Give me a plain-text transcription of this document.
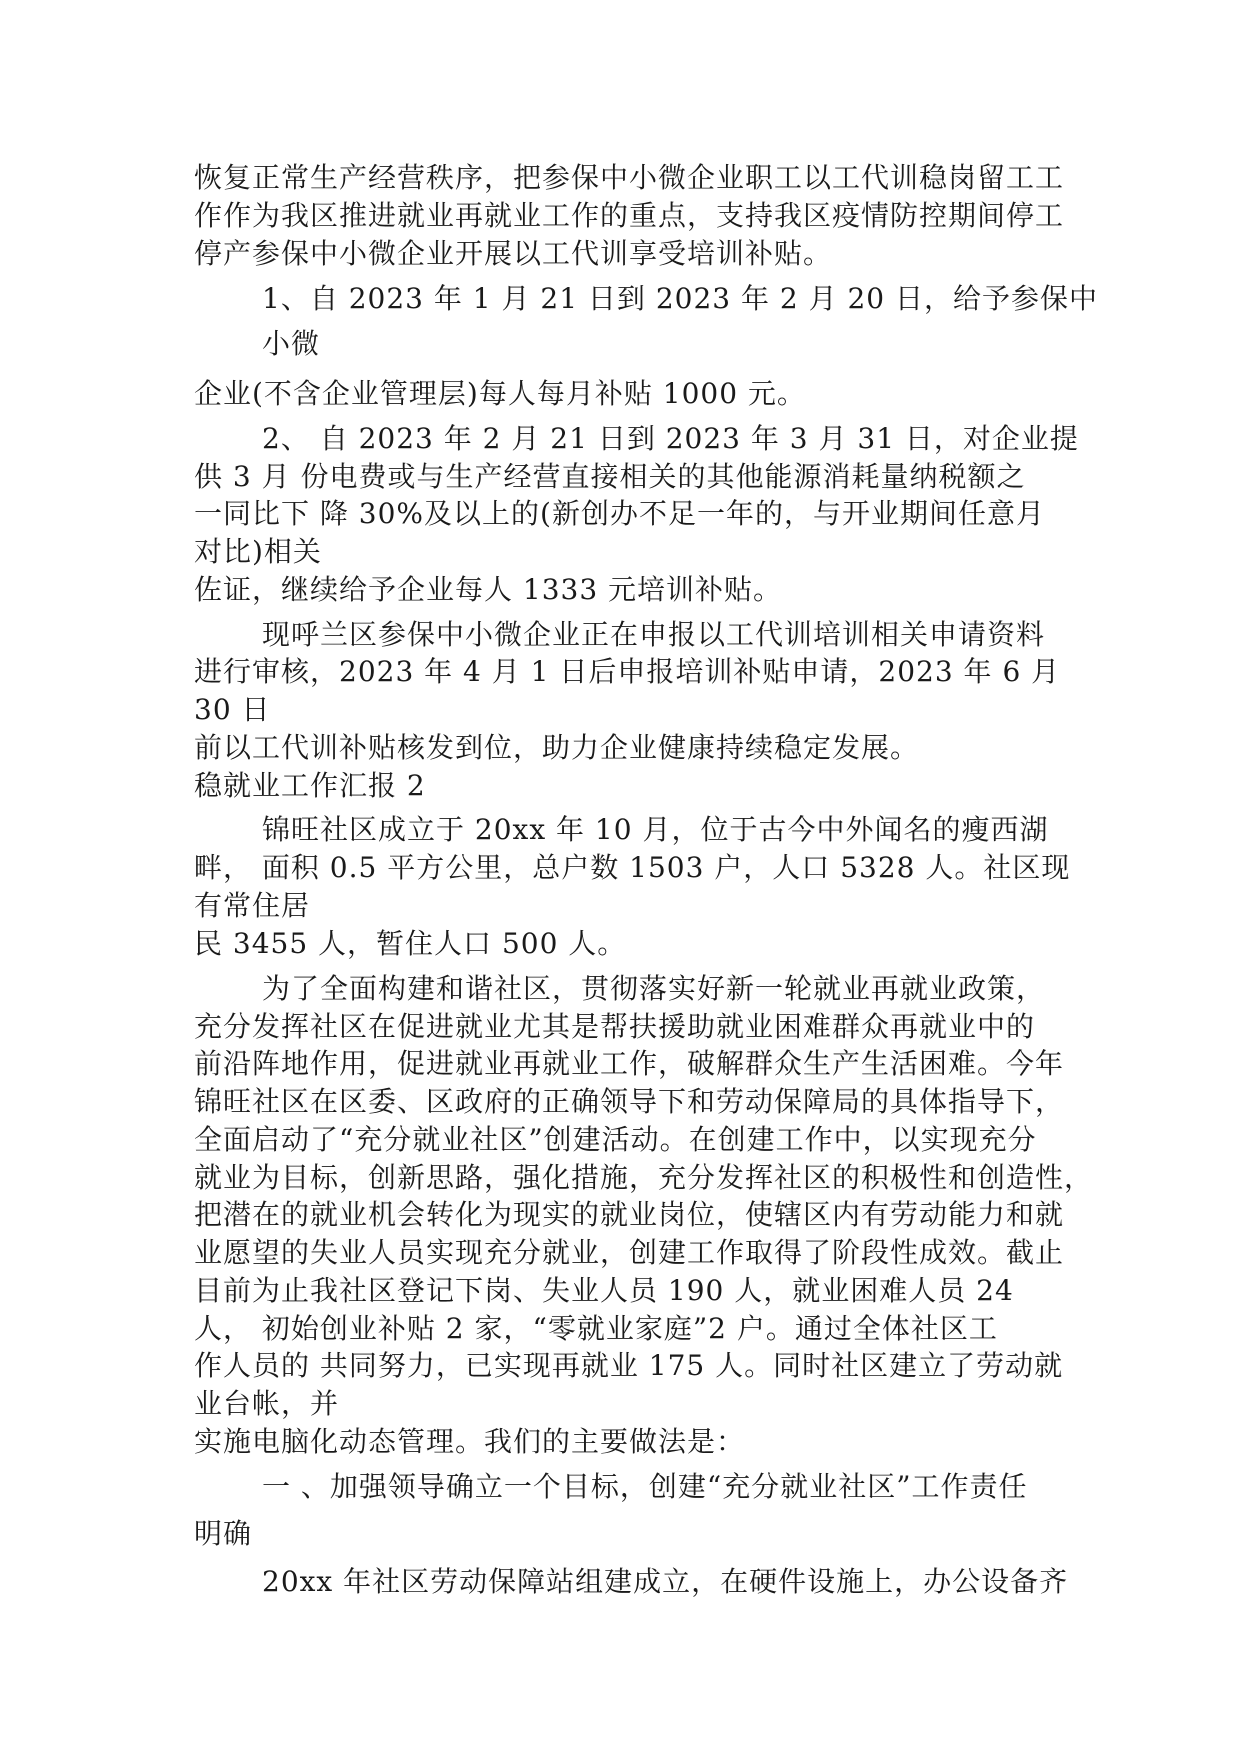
恢复正常生产经营秩序，把参保中小微企业职工以工代训稳岗留工工
作作为我区推进就业再就业工作的重点，支持我区疫情防控期间停工
停产参保中小微企业开展以工代训享受培训补贴。
1、自 2023 年 1 月 21 日到 2023 年 2 月 20 日，给予参保中
小微
企业(不含企业管理层)每人每月补贴 1000 元。
2、 自 2023 年 2 月 21 日到 2023 年 3 月 31 日，对企业提
供 3 月 份电费或与生产经营直接相关的其他能源消耗量纳税额之
一同比下 降 30%及以上的(新创办不足一年的，与开业期间任意月
对比)相关
佐证，继续给予企业每人 1333 元培训补贴。
现呼兰区参保中小微企业正在申报以工代训培训相关申请资料
进行审核，2023 年 4 月 1 日后申报培训补贴申请，2023 年 6 月
30 日
前以工代训补贴核发到位，助力企业健康持续稳定发展。
稳就业工作汇报 2
锦旺社区成立于 20xx 年 10 月，位于古今中外闻名的瘦西湖
畔， 面积 0.5 平方公里，总户数 1503 户，人口 5328 人。社区现
有常住居
民 3455 人，暂住人口 500 人。
为了全面构建和谐社区，贯彻落实好新一轮就业再就业政策，
充分发挥社区在促进就业尤其是帮扶援助就业困难群众再就业中的
前沿阵地作用，促进就业再就业工作，破解群众生产生活困难。今年
锦旺社区在区委、区政府的正确领导下和劳动保障局的具体指导下，
全面启动了“充分就业社区”创建活动。在创建工作中，以实现充分
就业为目标，创新思路，强化措施，充分发挥社区的积极性和创造性，
把潜在的就业机会转化为现实的就业岗位，使辖区内有劳动能力和就
业愿望的失业人员实现充分就业，创建工作取得了阶段性成效。截止
目前为止我社区登记下岗、失业人员 190 人，就业困难人员 24
人， 初始创业补贴 2 家，“零就业家庭”2 户。通过全体社区工
作人员的 共同努力，已实现再就业 175 人。同时社区建立了劳动就
业台帐，并
实施电脑化动态管理。我们的主要做法是：
一 、加强领导确立一个目标，创建“充分就业社区”工作责任
明确
20xx 年社区劳动保障站组建成立，在硬件设施上，办公设备齐
